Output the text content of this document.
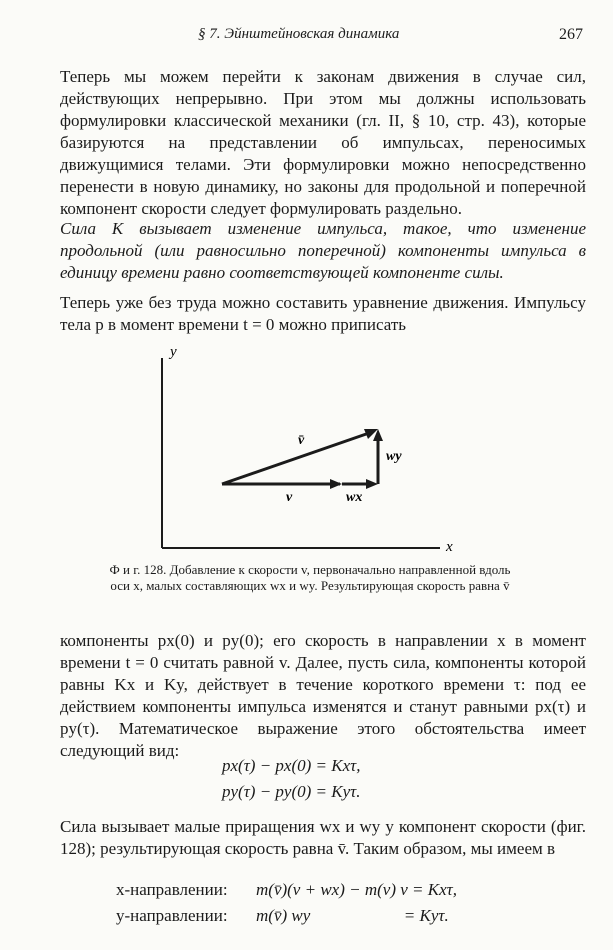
§ 7. Эйнштейновская динамика	267

Теперь мы можем перейти к законам движения в случае сил, действующих непрерывно. При этом мы должны использовать формулировки классической механики (гл. II, § 10, стр. 43), которые базируются на представлении об импульсах, переносимых движущимися телами. Эти формулировки можно непосредственно перенести в новую динамику, но законы для продольной и поперечной компонент скорости следует формулировать раздельно.

Сила K вызывает изменение импульса, такое, что изменение продольной (или равносильно поперечной) компоненты импульса в единицу времени равно соответствующей компоненте силы.

Теперь уже без труда можно составить уравнение движения. Импульсу тела p в момент времени t = 0 можно приписать

y
x
v̄
v	wx
wy
Ф и г. 128. Добавление к скорости v, первоначально направленной вдоль оси x, малых составляющих wx и wy. Результирующая скорость равна v̄

компоненты px(0) и py(0); его скорость в направлении x в момент времени t = 0 считать равной v. Далее, пусть сила, компоненты которой равны Kx и Ky, действует в течение короткого времени τ: под ее действием компоненты импульса изменятся и станут равными px(τ) и py(τ). Математическое выражение этого обстоятельства имеет следующий вид:

px(τ) − px(0) = Kxτ,
py(τ) − py(0) = Kyτ.

Сила вызывает малые приращения wx и wy у компонент скорости (фиг. 128); результирующая скорость равна v̄. Таким образом, мы имеем в

x-направлении: m(v̄)(v + wx) − m(v) v = Kxτ,
y-направлении: m(v̄) wy                      = Kyτ.
